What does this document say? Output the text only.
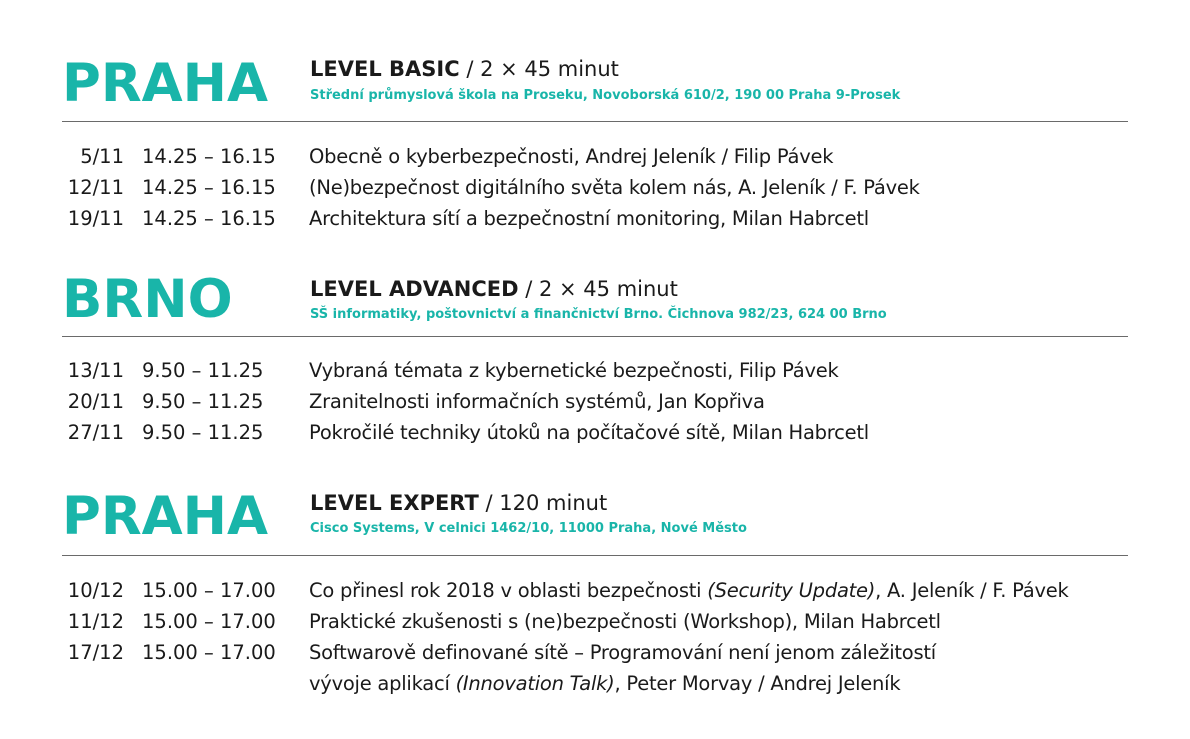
PRAHA LEVEL BASIC / 2 × 45 minut
Střední průmyslová škola na Proseku, Novoborská 610/2, 190 00 Praha 9-Prosek
5/11 14.25 – 16.15 Obecně o kyberbezpečnosti, Andrej Jeleník / Filip Pávek
12/11 14.25 – 16.15 (Ne)bezpečnost digitálního světa kolem nás, A. Jeleník / F. Pávek
19/11 14.25 – 16.15 Architektura sítí a bezpečnostní monitoring, Milan Habrcetl
BRNO	LEVEL ADVANCED / 2 × 45 minut
SŠ informatiky, poštovnictví a finančnictví Brno. Čichnova 982/23, 624 00 Brno
13/11 9.50 – 11.25 Vybraná témata z kybernetické bezpečnosti, Filip Pávek
20/11 9.50 – 11.25 Zranitelnosti informačních systémů, Jan Kopřiva
27/11 9.50 – 11.25 Pokročilé techniky útoků na počítačové sítě, Milan Habrcetl
PRAHA LEVEL EXPERT / 120 minut
Cisco Systems, V celnici 1462/10, 11000 Praha, Nové Město
10/12 15.00 – 17.00 Co přinesl rok 2018 v oblasti bezpečnosti (Security Update), A. Jeleník / F. Pávek
11/12 15.00 – 17.00 Praktické zkušenosti s (ne)bezpečnosti (Workshop), Milan Habrcetl
17/12 15.00 – 17.00 Softwarově definované sítě – Programování není jenom záležitostí
vývoje aplikací (Innovation Talk), Peter Morvay / Andrej Jeleník
